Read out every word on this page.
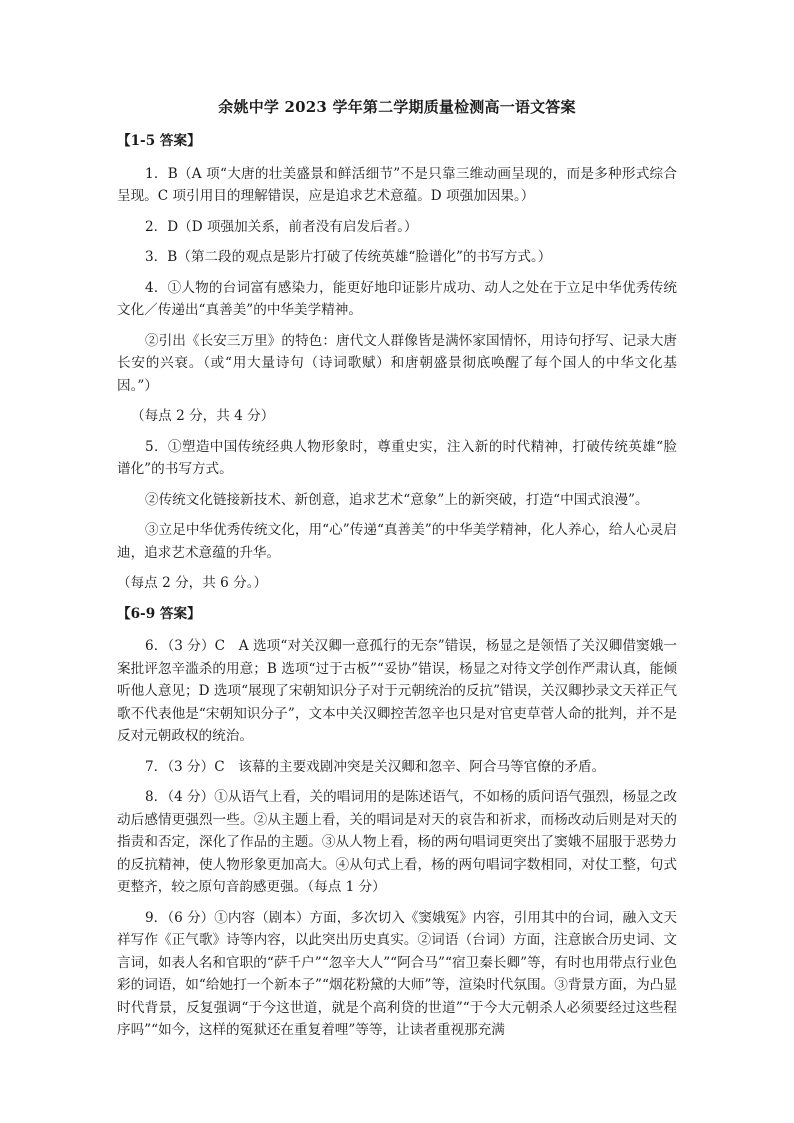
余姚中学 2023 学年第二学期质量检测高一语文答案
【1-5 答案】
1．B（A 项“大唐的壮美盛景和鲜活细节”不是只靠三维动画呈现的，而是多种形式综合呈现。C 项引用目的理解错误，应是追求艺术意蕴。D 项强加因果。）
2．D（D 项强加关系，前者没有启发后者。）
3．B（第二段的观点是影片打破了传统英雄“脸谱化”的书写方式。）
4．①人物的台词富有感染力，能更好地印证影片成功、动人之处在于立足中华优秀传统文化／传递出“真善美”的中华美学精神。
②引出《长安三万里》的特色：唐代文人群像皆是满怀家国情怀，用诗句抒写、记录大唐长安的兴衰。（或“用大量诗句（诗词歌赋）和唐朝盛景彻底唤醒了每个国人的中华文化基因。”）
（每点 2 分，共 4 分）
5．①塑造中国传统经典人物形象时，尊重史实，注入新的时代精神，打破传统英雄“脸谱化”的书写方式。
②传统文化链接新技术、新创意，追求艺术“意象”上的新突破，打造“中国式浪漫”。
③立足中华优秀传统文化，用“心”传递“真善美”的中华美学精神，化人养心，给人心灵启迪，追求艺术意蕴的升华。
（每点 2 分，共 6 分。）
【6-9 答案】
6．（3 分）C　A 选项“对关汉卿一意孤行的无奈”错误，杨显之是领悟了关汉卿借窦娥一案批评忽辛滥杀的用意；B 选项“过于古板”“妥协”错误，杨显之对待文学创作严肃认真，能倾听他人意见；D 选项“展现了宋朝知识分子对于元朝统治的反抗”错误，关汉卿抄录文天祥正气歌不代表他是“宋朝知识分子”，文本中关汉卿控苦忽辛也只是对官吏草菅人命的批判，并不是反对元朝政权的统治。
7．（3 分）C　该幕的主要戏剧冲突是关汉卿和忽辛、阿合马等官僚的矛盾。
8．（4 分）①从语气上看，关的唱词用的是陈述语气，不如杨的质问语气强烈，杨显之改动后感情更强烈一些。②从主题上看，关的唱词是对天的哀告和祈求，而杨改动后则是对天的指责和否定，深化了作品的主题。③从人物上看，杨的两句唱词更突出了窦娥不屈服于恶势力的反抗精神，使人物形象更加高大。④从句式上看，杨的两句唱词字数相同，对仗工整，句式更整齐，较之原句音韵感更强。（每点 1 分）
9．（6 分）①内容（剧本）方面，多次切入《窦娥冤》内容，引用其中的台词，融入文天祥写作《正气歌》诗等内容，以此突出历史真实。②词语（台词）方面，注意嵌合历史词、文言词，如表人名和官职的“萨千户”“忽辛大人”“阿合马”“宿卫秦长卿”等，有时也用带点行业色彩的词语，如“给她打一个新本子”“烟花粉黛的大师”等，渲染时代氛围。③背景方面，为凸显时代背景，反复强调“于今这世道，就是个高利贷的世道”“于今大元朝杀人必须要经过这些程序吗”“如今，这样的冤狱还在重复着哩”等等，让读者重视那充满
